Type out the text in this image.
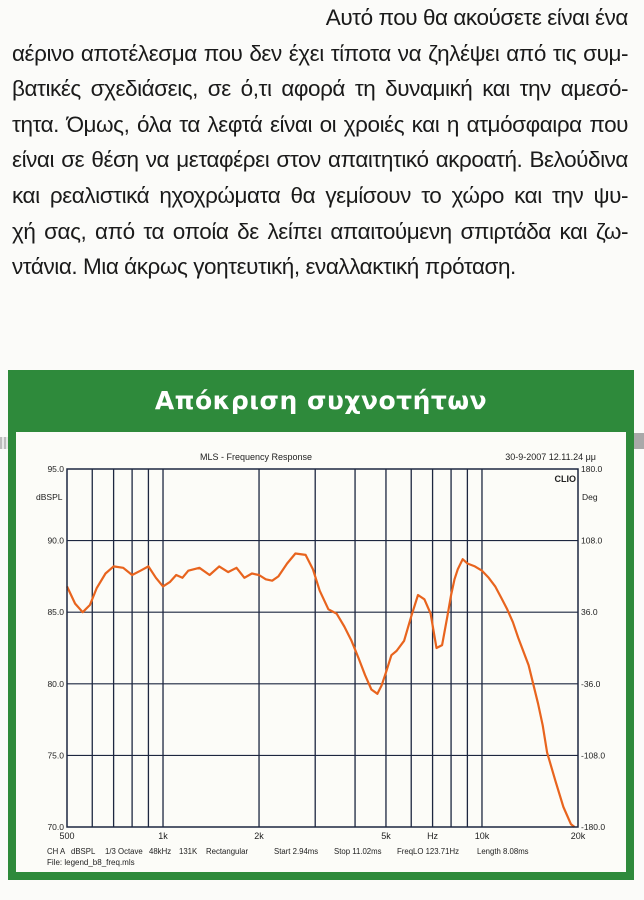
Αυτό που θα ακούσετε είναι ένα

αέρινο αποτέλεσμα που δεν έχει τίποτα να ζηλέψει από τις συμ-

βατικές σχεδιάσεις, σε ό,τι αφορά τη δυναμική και την αμεσό-

τητα. Όμως, όλα τα λεφτά είναι οι χροιές και η ατμόσφαιρα που

είναι σε θέση να μεταφέρει στον απαιτητικό ακροατή. Βελούδινα

και ρεαλιστικά ηχοχρώματα θα γεμίσουν το χώρο και την ψυ-

χή σας, από τα οποία δε λείπει απαιτούμενη σπιρτάδα και ζω-

ντάνια. Μια άκρως γοητευτική, εναλλακτική πρόταση.

Απόκριση συχνοτήτων
MLS - Frequency Response	30-9-2007 12.11.24 μμ
CLIO
dBSPL	Deg
95.0
90.0
85.0
80.0
75.0
70.0
180.0
108.0
36.0
-36.0
-108.0
-180.0
500	1k	2k	5k	Hz	10k	20k
CH A dBSPL 1/3 Octave 48kHz 131K Rectangular	Start 2.94ms Stop 11.02ms FreqLO 123.71Hz Length 8.08ms
File: legend_b8_freq.mls
